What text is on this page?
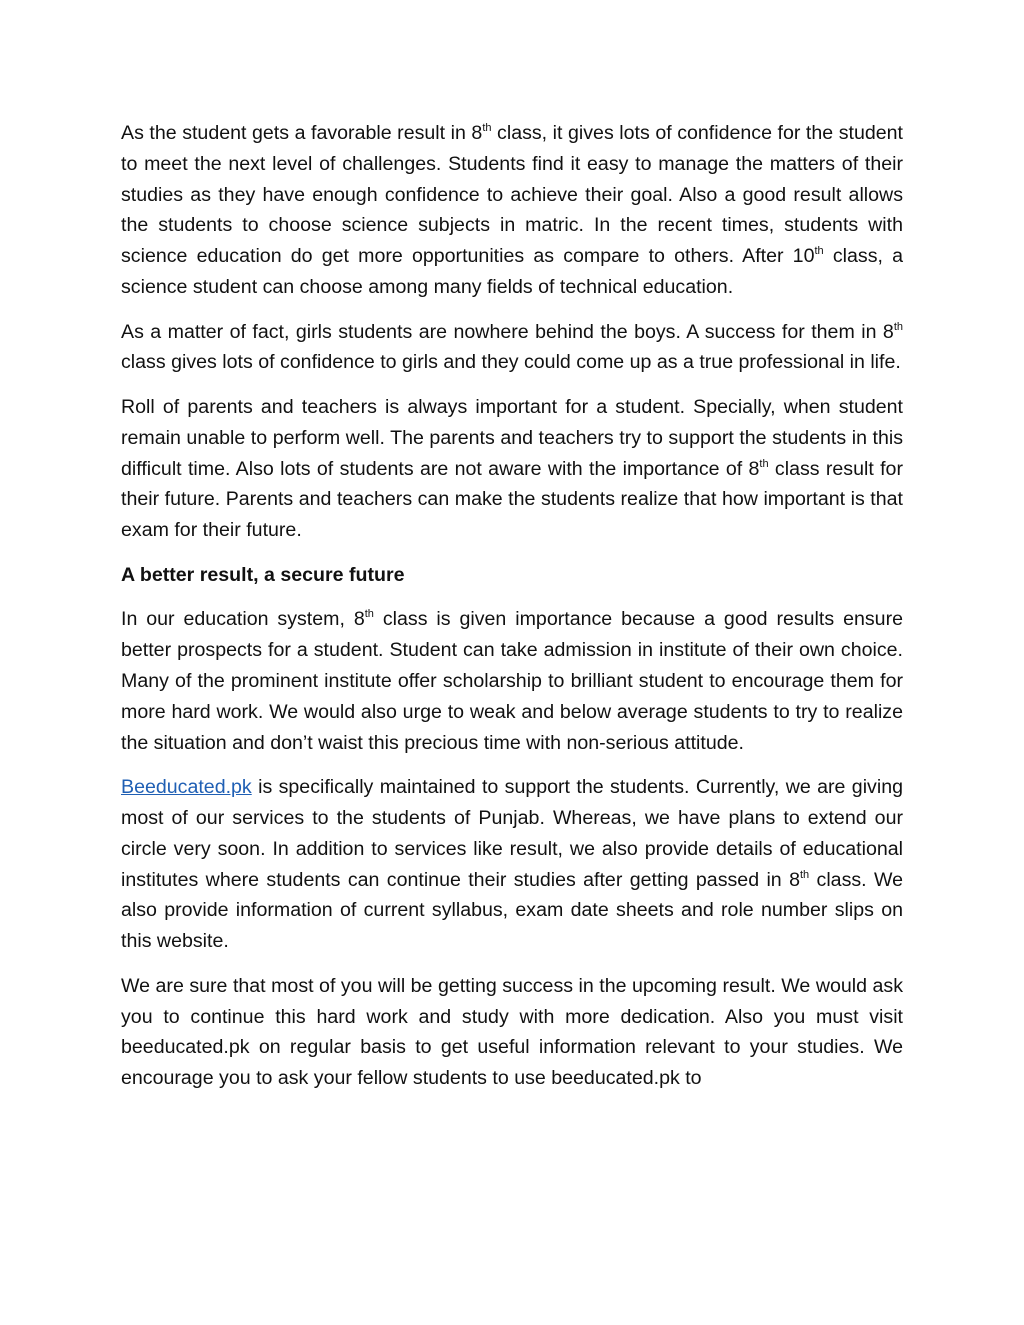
As the student gets a favorable result in 8th class, it gives lots of confidence for the student to meet the next level of challenges. Students find it easy to manage the matters of their studies as they have enough confidence to achieve their goal. Also a good result allows the students to choose science subjects in matric. In the recent times, students with science education do get more opportunities as compare to others. After 10th class, a science student can choose among many fields of technical education.

As a matter of fact, girls students are nowhere behind the boys. A success for them in 8th class gives lots of confidence to girls and they could come up as a true professional in life.

Roll of parents and teachers is always important for a student. Specially, when student remain unable to perform well. The parents and teachers try to support the students in this difficult time. Also lots of students are not aware with the importance of 8th class result for their future. Parents and teachers can make the students realize that how important is that exam for their future.

A better result, a secure future

In our education system, 8th class is given importance because a good results ensure better prospects for a student. Student can take admission in institute of their own choice. Many of the prominent institute offer scholarship to brilliant student to encourage them for more hard work. We would also urge to weak and below average students to try to realize the situation and don’t waist this precious time with non-serious attitude.

Beeducated.pk is specifically maintained to support the students. Currently, we are giving most of our services to the students of Punjab. Whereas, we have plans to extend our circle very soon. In addition to services like result, we also provide details of educational institutes where students can continue their studies after getting passed in 8th class. We also provide information of current syllabus, exam date sheets and role number slips on this website.

We are sure that most of you will be getting success in the upcoming result. We would ask you to continue this hard work and study with more dedication. Also you must visit beeducated.pk on regular basis to get useful information relevant to your studies. We encourage you to ask your fellow students to use beeducated.pk to
